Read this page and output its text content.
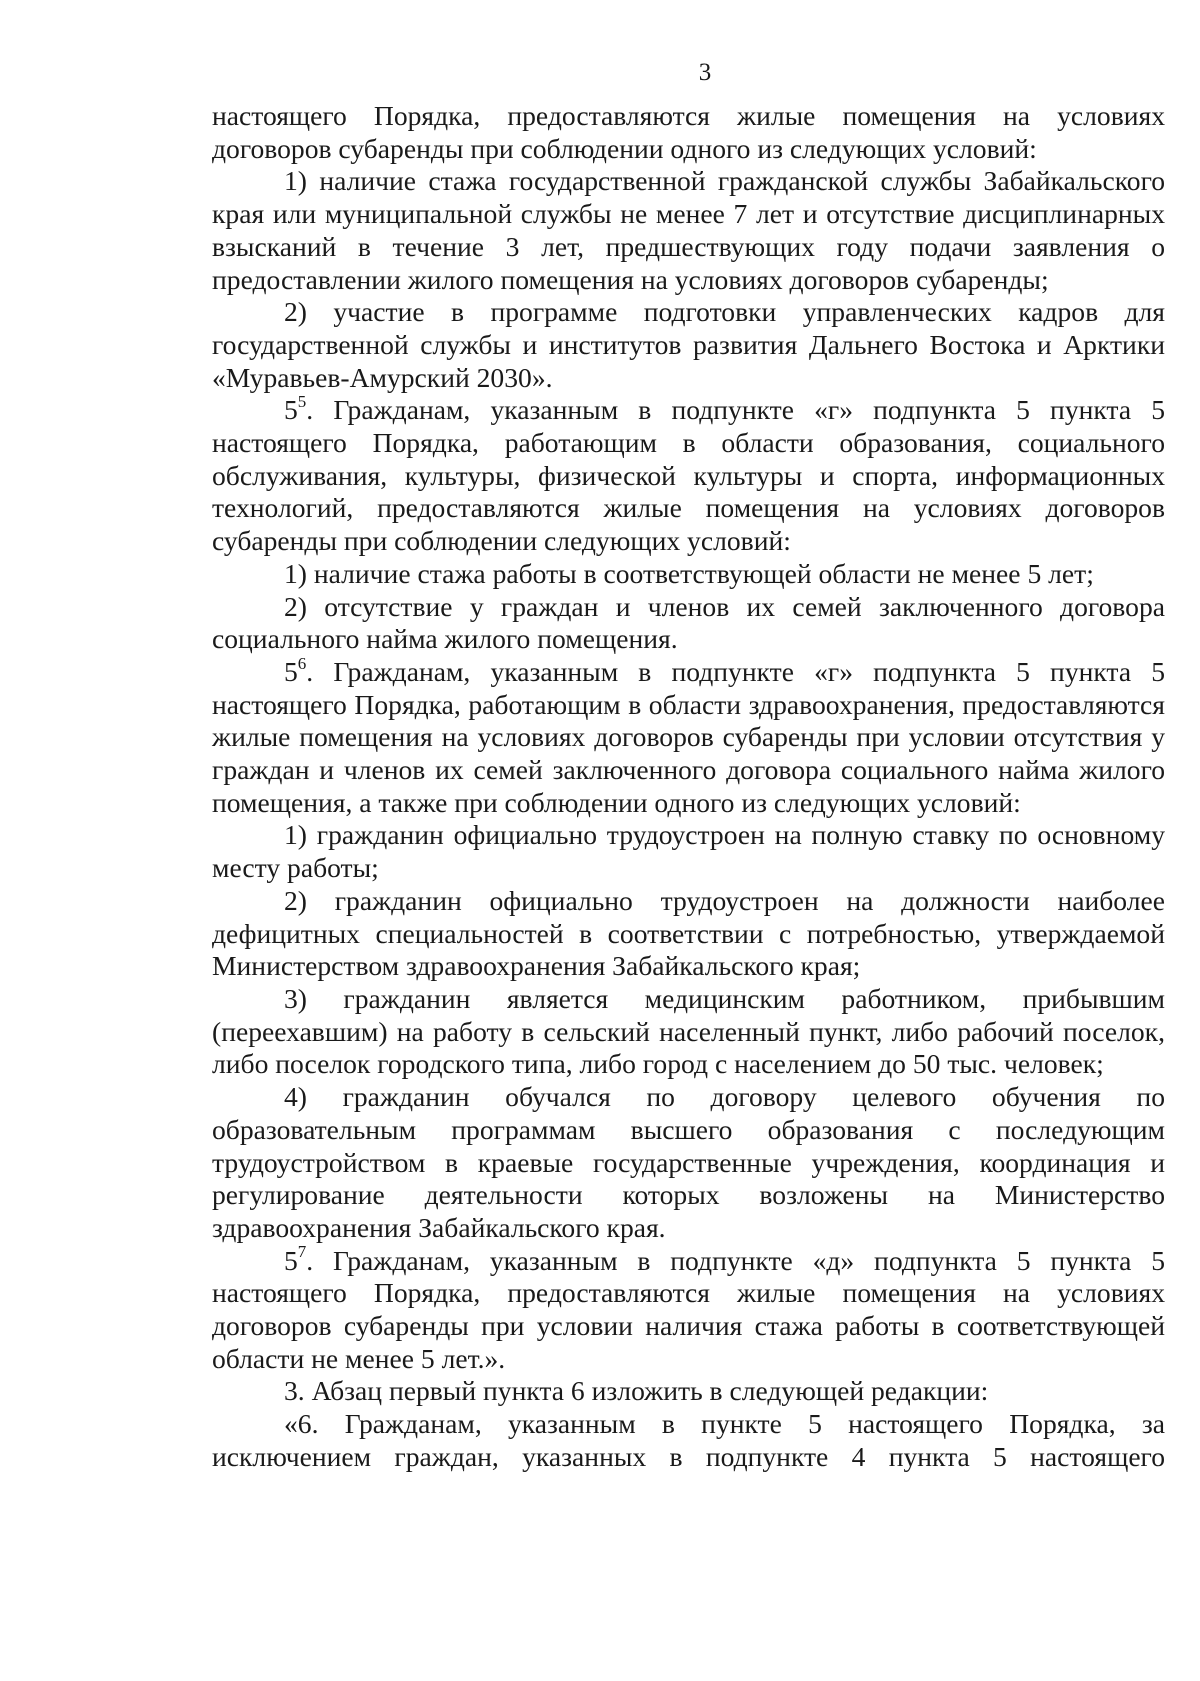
3

настоящего Порядка, предоставляются жилые помещения на условиях договоров субаренды при соблюдении одного из следующих условий:

1) наличие стажа государственной гражданской службы Забайкальского края или муниципальной службы не менее 7 лет и отсутствие дисциплинарных взысканий в течение 3 лет, предшествующих году подачи заявления о предоставлении жилого помещения на условиях договоров субаренды;

2) участие в программе подготовки управленческих кадров для государственной службы и институтов развития Дальнего Востока и Арктики «Муравьев-Амурский 2030».

$5^5$. Гражданам, указанным в подпункте «г» подпункта 5 пункта 5 настоящего Порядка, работающим в области образования, социального обслуживания, культуры, физической культуры и спорта, информационных технологий, предоставляются жилые помещения на условиях договоров субаренды при соблюдении следующих условий:

1) наличие стажа работы в соответствующей области не менее 5 лет;

2) отсутствие у граждан и членов их семей заключенного договора социального найма жилого помещения.

$5^6$. Гражданам, указанным в подпункте «г» подпункта 5 пункта 5 настоящего Порядка, работающим в области здравоохранения, предоставляются жилые помещения на условиях договоров субаренды при условии отсутствия у граждан и членов их семей заключенного договора социального найма жилого помещения, а также при соблюдении одного из следующих условий:

1) гражданин официально трудоустроен на полную ставку по основному месту работы;

2) гражданин официально трудоустроен на должности наиболее дефицитных специальностей в соответствии с потребностью, утверждаемой Министерством здравоохранения Забайкальского края;

3) гражданин является медицинским работником, прибывшим (переехавшим) на работу в сельский населенный пункт, либо рабочий поселок, либо поселок городского типа, либо город с населением до 50 тыс. человек;

4) гражданин обучался по договору целевого обучения по образовательным программам высшего образования с последующим трудоустройством в краевые государственные учреждения, координация и регулирование деятельности которых возложены на Министерство здравоохранения Забайкальского края.

$5^7$. Гражданам, указанным в подпункте «д» подпункта 5 пункта 5 настоящего Порядка, предоставляются жилые помещения на условиях договоров субаренды при условии наличия стажа работы в соответствующей области не менее 5 лет.».

3. Абзац первый пункта 6 изложить в следующей редакции:

«6. Гражданам, указанным в пункте 5 настоящего Порядка, за исключением граждан, указанных в подпункте 4 пункта 5 настоящего
